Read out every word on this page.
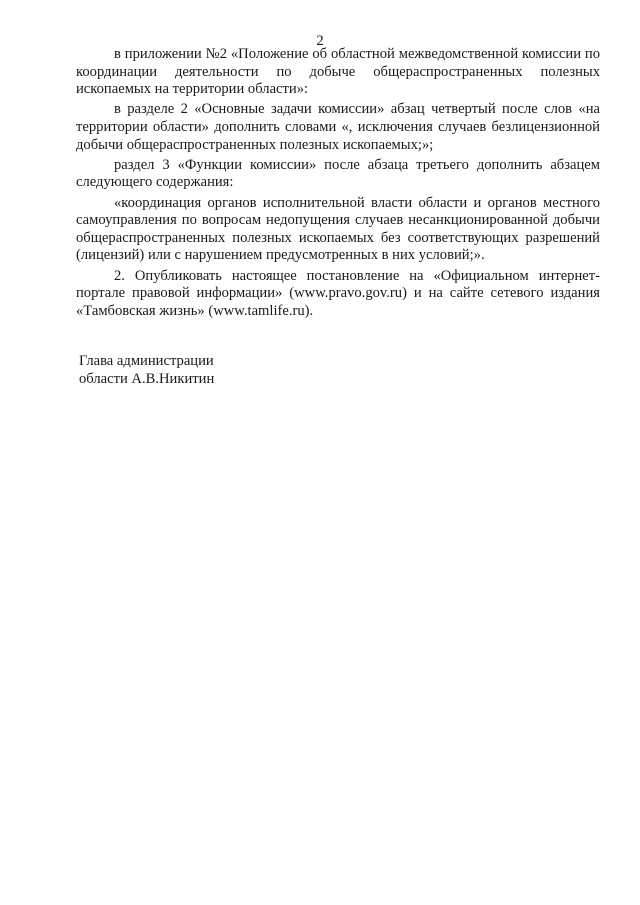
2

в приложении №2 «Положение об областной межведомственной комиссии по координации деятельности по добыче общераспространенных полезных ископаемых на территории области»:

в разделе 2 «Основные задачи комиссии» абзац четвертый после слов «на территории области» дополнить словами «, исключения случаев безлицензионной добычи общераспространенных полезных ископаемых;»;

раздел 3 «Функции комиссии» после абзаца третьего дополнить абзацем следующего содержания:

«координация органов исполнительной власти области и органов местного самоуправления по вопросам недопущения случаев несанкционированной добычи общераспространенных полезных ископаемых без соответствующих разрешений (лицензий) или с нарушением предусмотренных в них условий;».

2. Опубликовать настоящее постановление на «Официальном интернет-портале правовой информации» (www.pravo.gov.ru) и на сайте сетевого издания «Тамбовская жизнь» (www.tamlife.ru).

Глава администрации
области А.В.Никитин
